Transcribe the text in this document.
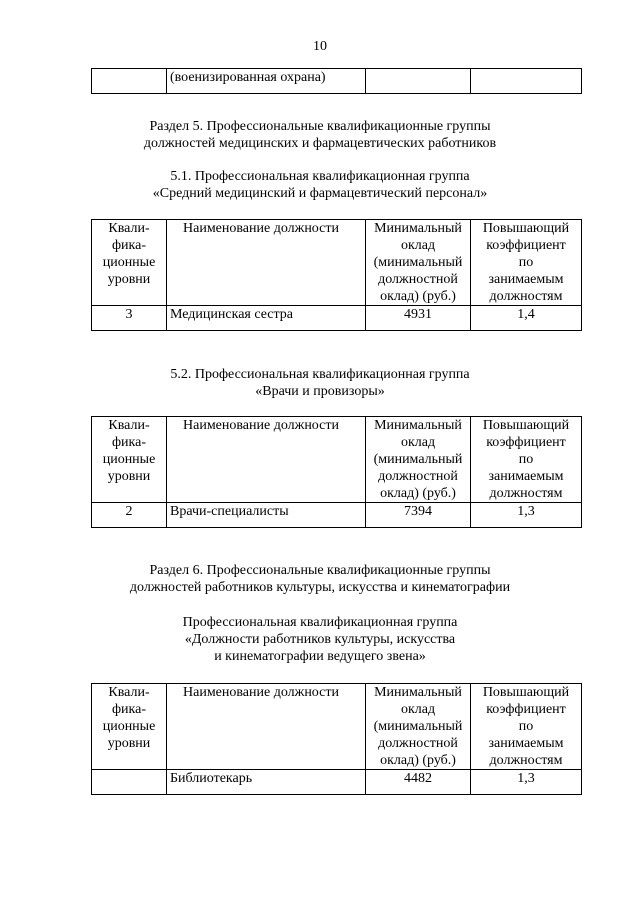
10
	(военизированная охрана)		
Раздел 5. Профессиональные квалификационные группы
должностей медицинских и фармацевтических работников
5.1. Профессиональная квалификационная группа
«Средний медицинский и фармацевтический персонал»
Квали-
фика-
ционные
уровни	Наименование должности	Минимальный
оклад
(минимальный
должностной
оклад) (руб.)	Повышающий
коэффициент
по
занимаемым
должностям

3	Медицинская сестра	4931	1,4
5.2. Профессиональная квалификационная группа
«Врачи и провизоры»
Квали-
фика-
ционные
уровни	Наименование должности	Минимальный
оклад
(минимальный
должностной
оклад) (руб.)	Повышающий
коэффициент
по
занимаемым
должностям

2	Врачи-специалисты	7394	1,3
Раздел 6. Профессиональные квалификационные группы
должностей работников культуры, искусства и кинематографии
Профессиональная квалификационная группа
«Должности работников культуры, искусства
и кинематографии ведущего звена»
Квали-
фика-
ционные
уровни	Наименование должности	Минимальный
оклад
(минимальный
должностной
оклад) (руб.)	Повышающий
коэффициент
по
занимаемым
должностям

	Библиотекарь	4482	1,3
